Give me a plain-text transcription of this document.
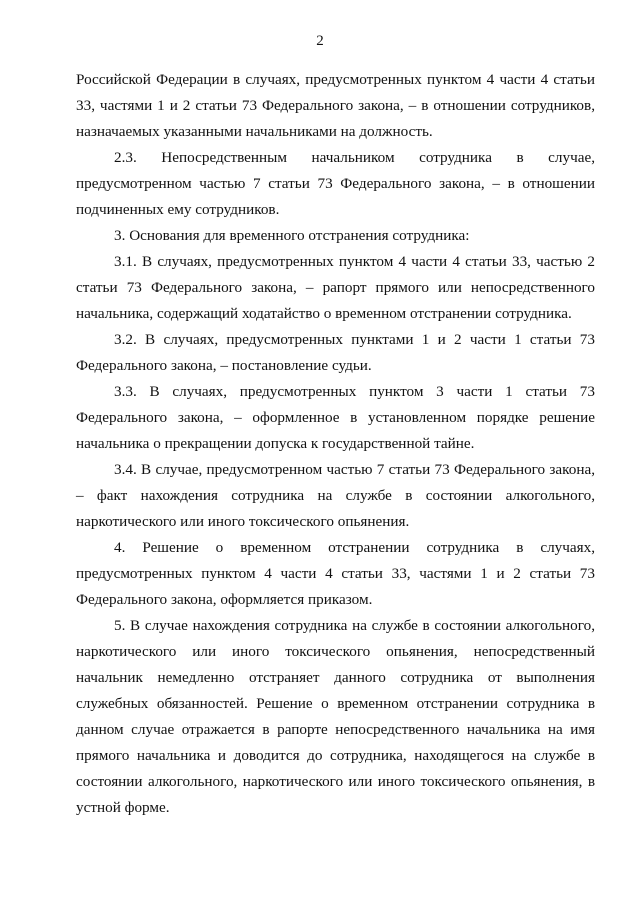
2

Российской Федерации в случаях, предусмотренных пунктом 4 части 4 статьи 33, частями 1 и 2 статьи 73 Федерального закона, – в отношении сотрудников, назначаемых указанными начальниками на должность.

2.3. Непосредственным начальником сотрудника в случае, предусмотренном частью 7 статьи 73 Федерального закона, – в отношении подчиненных ему сотрудников.

3. Основания для временного отстранения сотрудника:

3.1. В случаях, предусмотренных пунктом 4 части 4 статьи 33, частью 2 статьи 73 Федерального закона, – рапорт прямого или непосредственного начальника, содержащий ходатайство о временном отстранении сотрудника.

3.2. В случаях, предусмотренных пунктами 1 и 2 части 1 статьи 73 Федерального закона, – постановление судьи.

3.3. В случаях, предусмотренных пунктом 3 части 1 статьи 73 Федерального закона, – оформленное в установленном порядке решение начальника о прекращении допуска к государственной тайне.

3.4. В случае, предусмотренном частью 7 статьи 73 Федерального закона, – факт нахождения сотрудника на службе в состоянии алкогольного, наркотического или иного токсического опьянения.

4. Решение о временном отстранении сотрудника в случаях, предусмотренных пунктом 4 части 4 статьи 33, частями 1 и 2 статьи 73 Федерального закона, оформляется приказом.

5. В случае нахождения сотрудника на службе в состоянии алкогольного, наркотического или иного токсического опьянения, непосредственный начальник немедленно отстраняет данного сотрудника от выполнения служебных обязанностей. Решение о временном отстранении сотрудника в данном случае отражается в рапорте непосредственного начальника на имя прямого начальника и доводится до сотрудника, находящегося на службе в состоянии алкогольного, наркотического или иного токсического опьянения, в устной форме.
